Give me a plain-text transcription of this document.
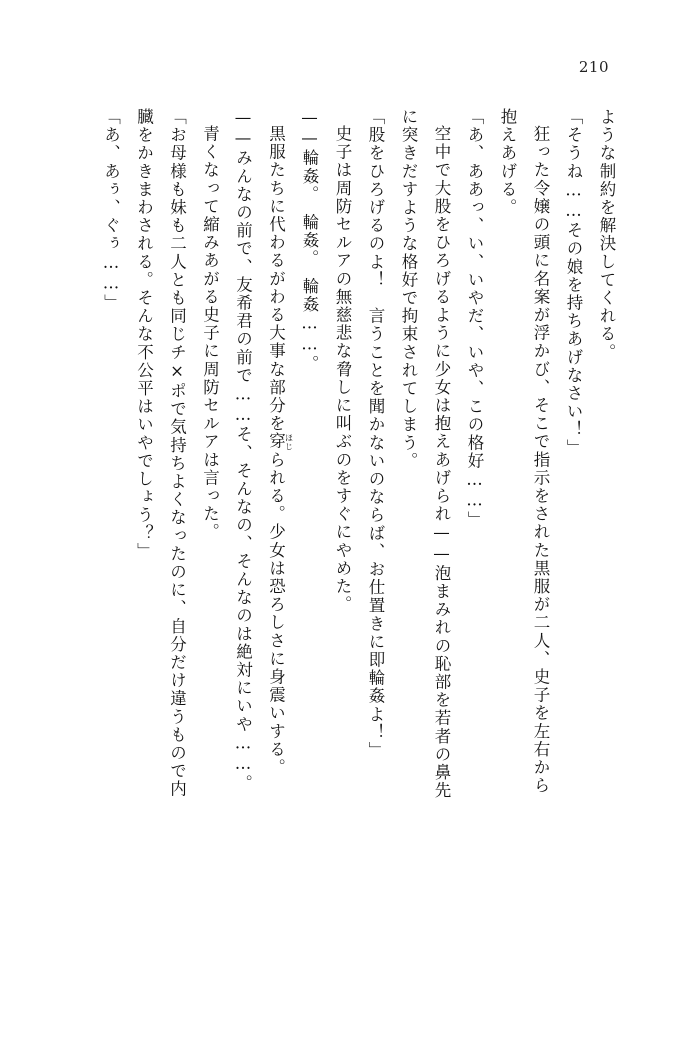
210

ような制約を解決してくれる。

「そうね……その娘を持ちあげなさい！」

狂った令嬢の頭に名案が浮かび、そこで指示をされた黒服が二人、史子を左右から

抱えあげる。

「あ、ああっ、い、いやだ、いや、この格好……」

空中で大股をひろげるように少女は抱えあげられ——泡まみれの恥部を若者の鼻先

に突きだすような格好で拘束されてしまう。

「股をひろげるのよ！　言うことを聞かないのならば、お仕置きに即輪姦よ！」

史子は周防セルアの無慈悲な脅しに叫ぶのをすぐにやめた。

——輪姦。　輪姦。　輪姦……。

黒服たちに代わるがわる大事な部分を穿 ほじられる。少女は恐ろしさに身震いする。

——みんなの前で、友希君の前で……そ、そんなの、そんなのは絶対にいや……。

青くなって縮みあがる史子に周防セルアは言った。

「お母様も妹も二人とも同じチ×ポで気持ちよくなったのに、自分だけ違うもので内

臓をかきまわされる。そんな不公平はいやでしょう？」

「あ、あぅ、ぐぅ……」
